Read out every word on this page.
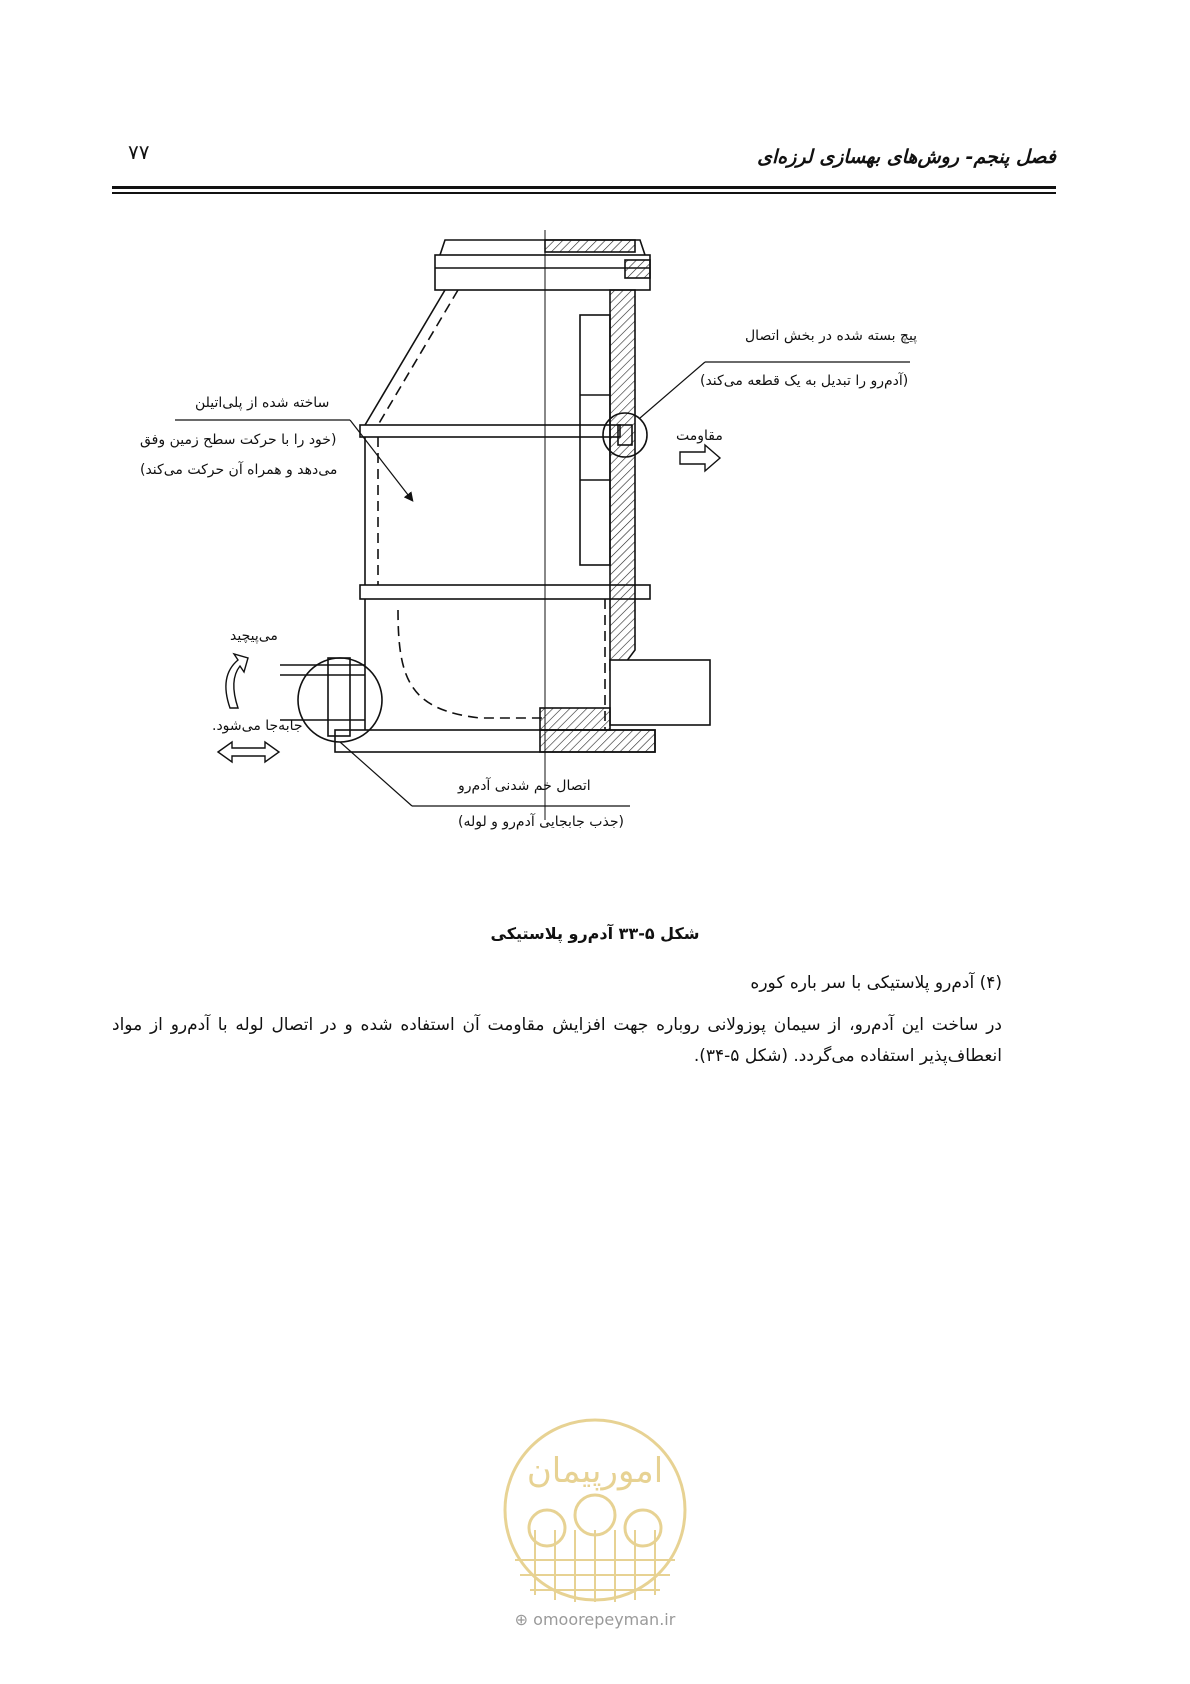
۷۷	فصل پنجم- روش‌های بهسازی لرزه‌ای
پیچ بسته شده در بخش اتصال
(آدم‌رو را تبدیل به یک قطعه می‌کند)
مقاومت
ساخته شده از پلی‌اتیلن
(خود را با حرکت سطح زمین وفق
می‌دهد و همراه آن حرکت می‌کند)
می‌پیچید
جابه‌جا می‌شود.
اتصال خم شدنی آدم‌رو
(جذب جابجایی آدم‌رو و لوله)
شکل ۵-۳۳ آدم‌رو پلاستیکی
(۴) آدم‌رو پلاستیکی با سر باره کوره
در ساخت این آدم‌رو، از سیمان پوزولانی روباره جهت افزایش مقاومت آن استفاده شده و در اتصال لوله با آدم‌رو از مواد انعطاف‌پذیر استفاده می‌گردد. (شکل ۵-۳۴).
امورپیمان
⊕ omoorepeyman.ir
